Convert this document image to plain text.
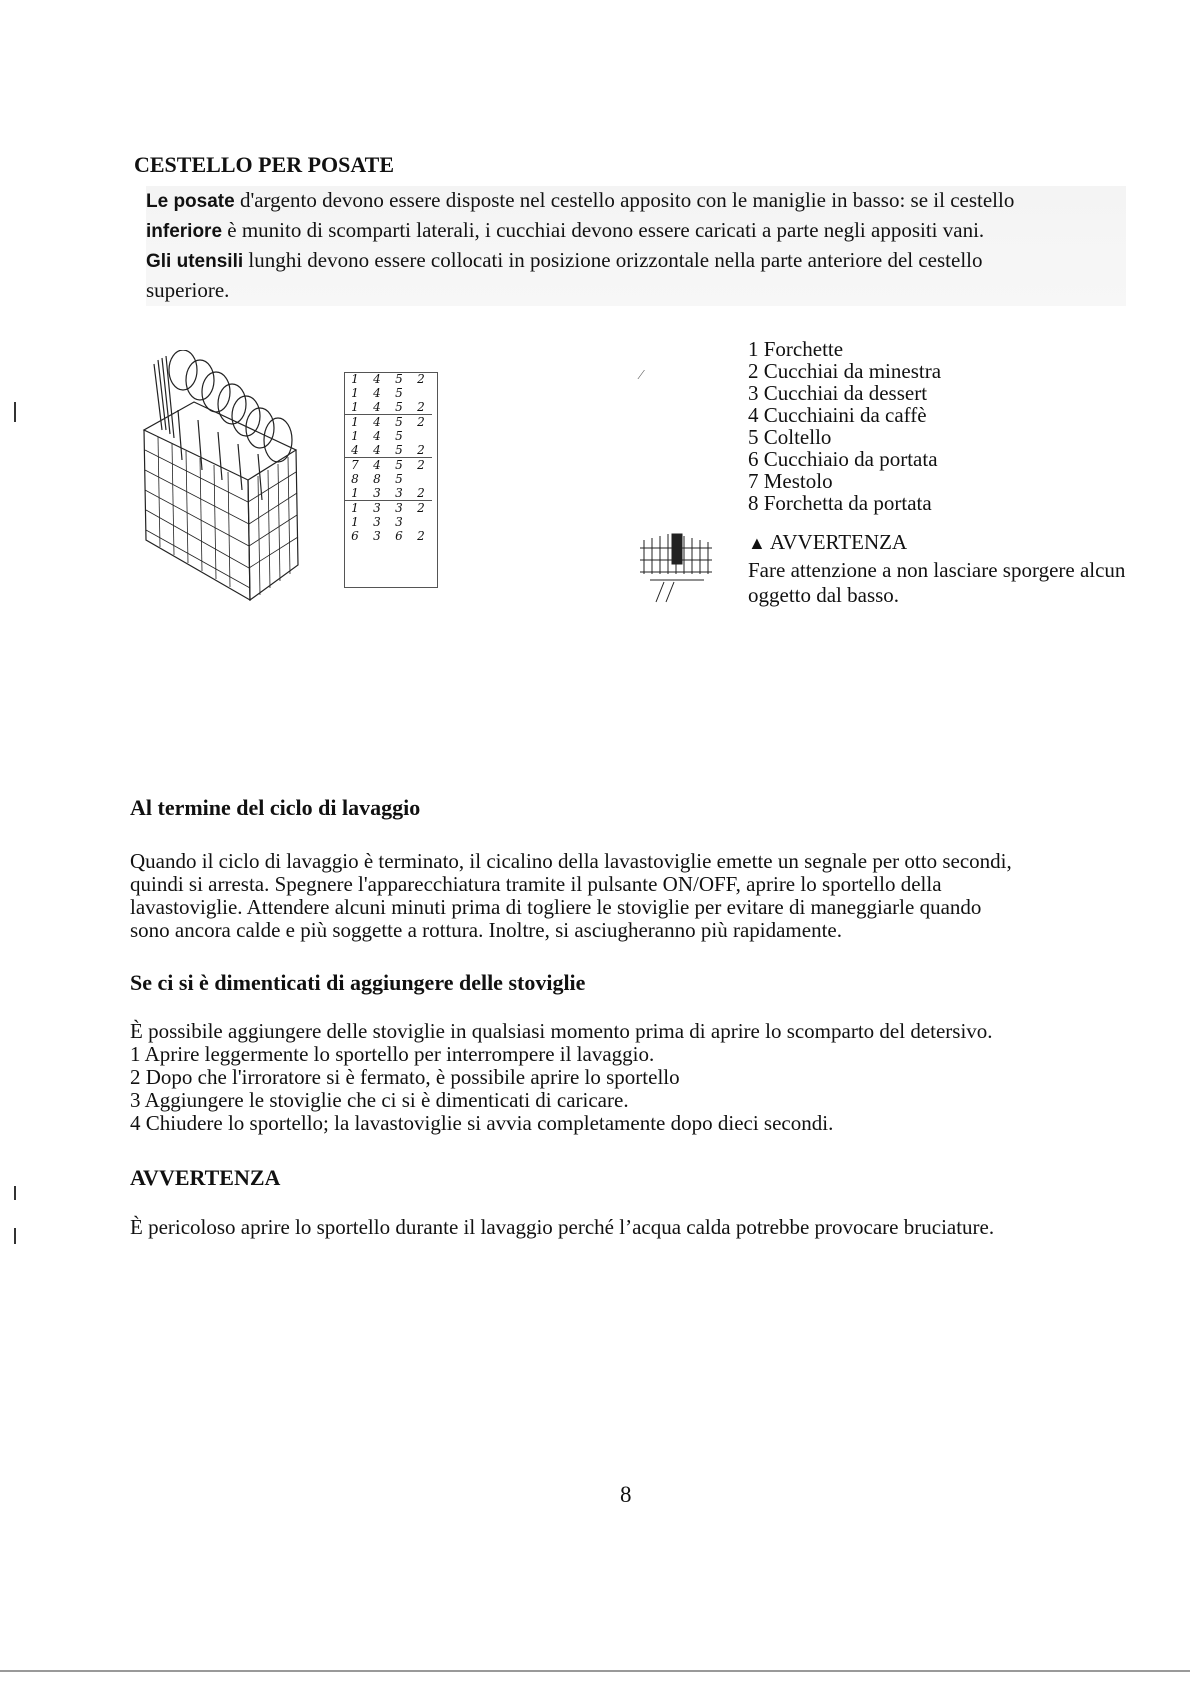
CESTELLO PER POSATE
Le posate d'argento devono essere disposte nel cestello apposito con le maniglie in basso: se il cestello
inferiore è munito di scomparti laterali, i cucchiai devono essere caricati a parte negli appositi vani.
Gli utensili lunghi devono essere collocati in posizione orizzontale nella parte anteriore del cestello
superiore.
1	4	5	2
1	4	5	
1	4	5	2
1	4	5	2
1	4	5	
4	4	5	2
7	4	5	2
8	8	5	
1	3	3	2
1	3	3	2
1	3	3	
6	3	6	2
⁄
1 Forchette
2 Cucchiai da minestra
3 Cucchiai da dessert
4 Cucchiaini da caffè
5 Coltello
6 Cucchiaio da portata
7 Mestolo
8 Forchetta da portata
▲ AVVERTENZA
Fare attenzione a non lasciare sporgere alcun oggetto dal basso.
Al termine del ciclo di lavaggio
Quando il ciclo di lavaggio è terminato, il cicalino della lavastoviglie emette un segnale per otto secondi,
quindi si arresta. Spegnere l'apparecchiatura tramite il pulsante ON/OFF, aprire lo sportello della
lavastoviglie. Attendere alcuni minuti prima di togliere le stoviglie per evitare di maneggiarle quando
sono ancora calde e più soggette a rottura. Inoltre, si asciugheranno più rapidamente.
Se ci si è dimenticati di aggiungere delle stoviglie
È possibile aggiungere delle stoviglie in qualsiasi momento prima di aprire lo scomparto del detersivo.
1 Aprire leggermente lo sportello per interrompere il lavaggio.
2 Dopo che l'irroratore si è fermato, è possibile aprire lo sportello
3 Aggiungere le stoviglie che ci si è dimenticati di caricare.
4 Chiudere lo sportello; la lavastoviglie si avvia completamente dopo dieci secondi.
AVVERTENZA
È pericoloso aprire lo sportello durante il lavaggio perché l’acqua calda potrebbe provocare bruciature.
8
